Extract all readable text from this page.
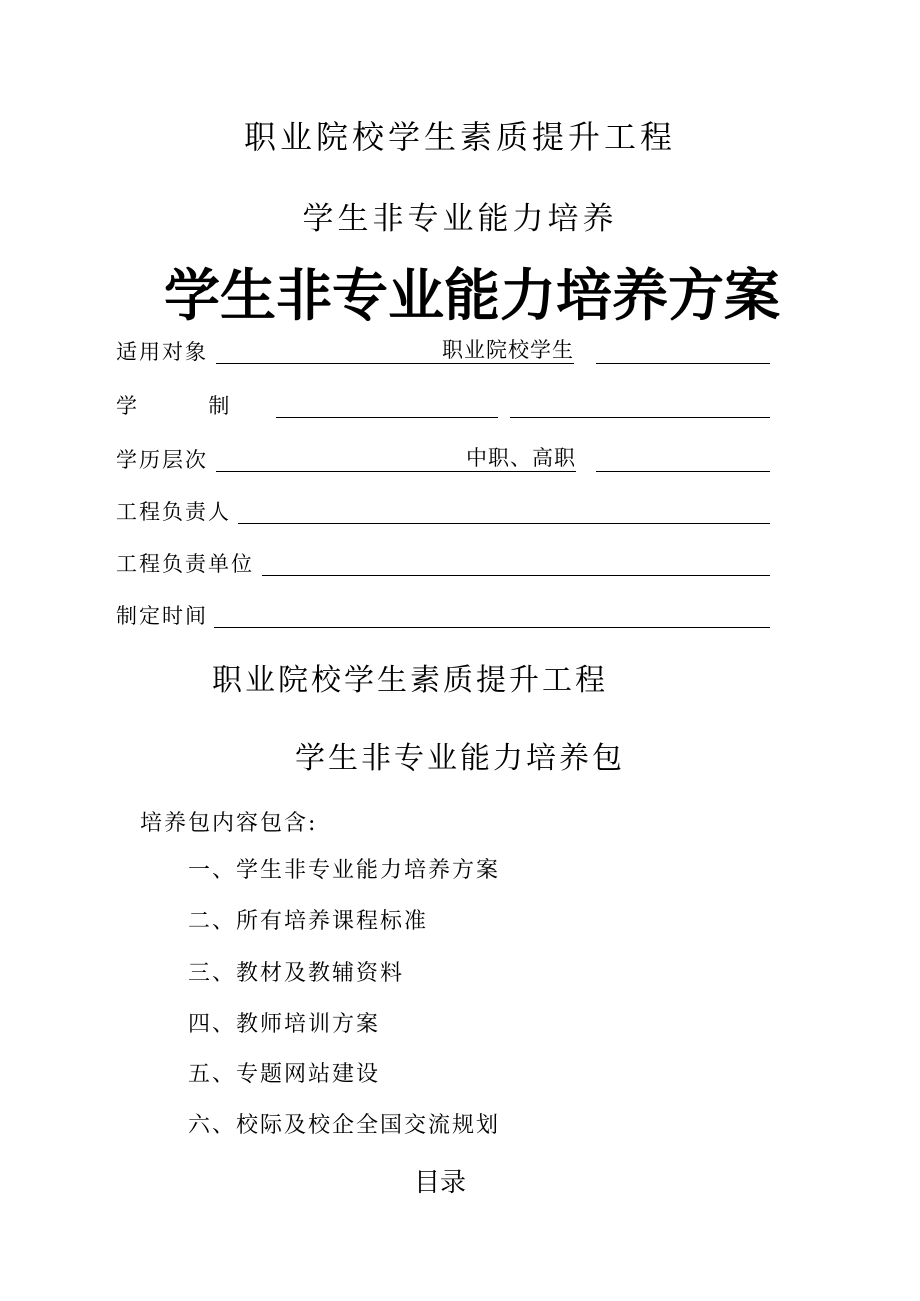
职业院校学生素质提升工程
学生非专业能力培养
学生非专业能力培养方案
适用对象	职业院校学生
学        制
学历层次	中职、高职
工程负责人
工程负责单位
制定时间
职业院校学生素质提升工程
学生非专业能力培养包
培养包内容包含:
一、学生非专业能力培养方案
二、所有培养课程标准
三、教材及教辅资料
四、教师培训方案
五、专题网站建设
六、校际及校企全国交流规划
目录
